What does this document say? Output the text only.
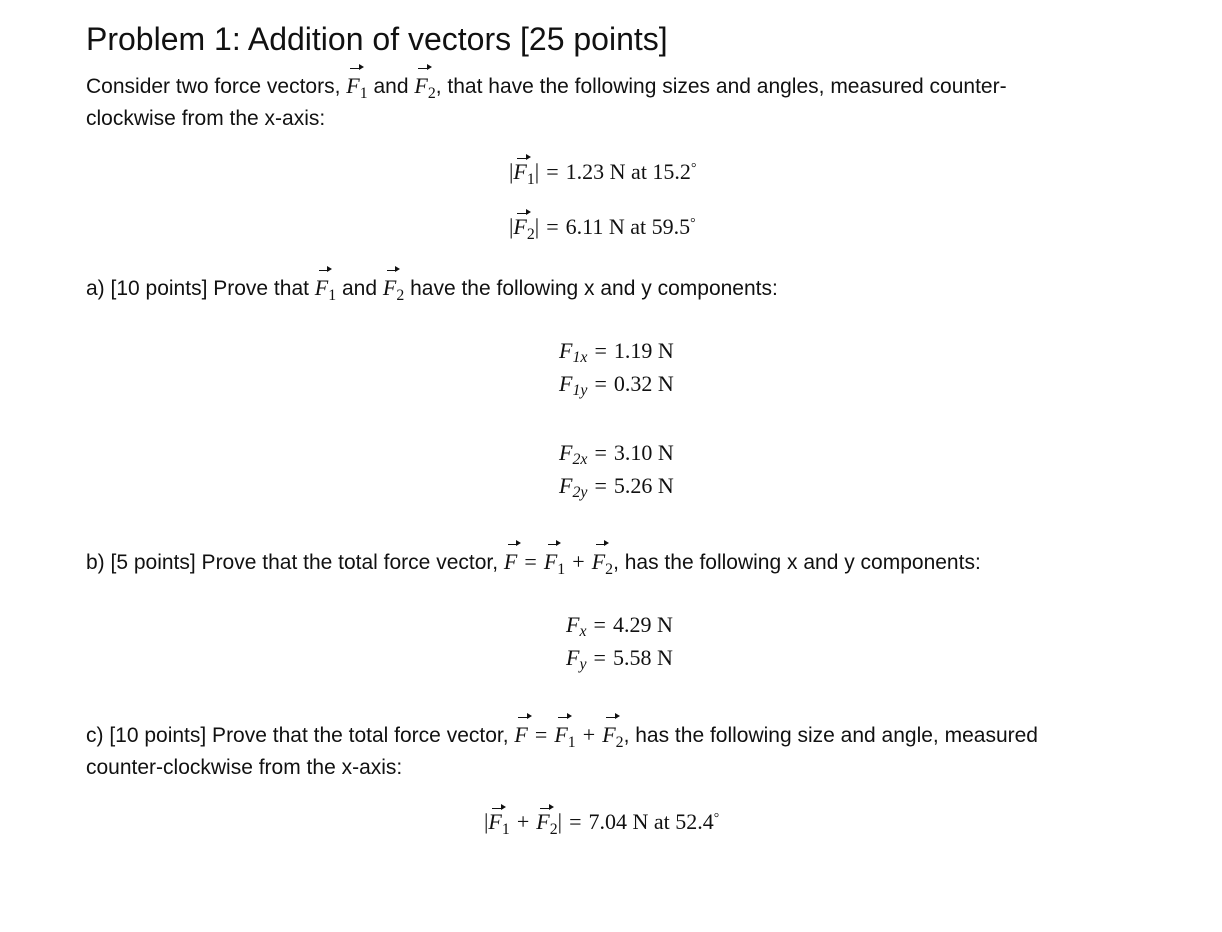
Problem 1: Addition of vectors [25 points]
Consider two force vectors, $F_1$ and $F_2$, that have the following sizes and angles, measured counter-
clockwise from the x-axis:
$|F_1| = 1.23$ N at 15.2°
$|F_2| = 6.11$ N at 59.5°
a) [10 points] Prove that $F_1$ and $F_2$ have the following x and y components:
$F_{1x} = 1.19$ N
$F_{1y} = 0.32$ N
$F_{2x} = 3.10$ N
$F_{2y} = 5.26$ N
b) [5 points] Prove that the total force vector, $F = F_1 + F_2$, has the following x and y components:
$F_x = 4.29$ N
$F_y = 5.58$ N
c) [10 points] Prove that the total force vector, $F = F_1 + F_2$, has the following size and angle, measured
counter-clockwise from the x-axis:
$|F_1 + F_2| = 7.04$ N at 52.4°
